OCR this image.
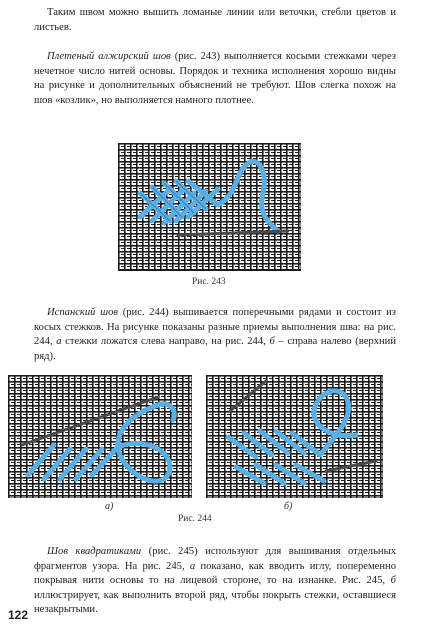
Таким швом можно вышить ломаные линии или веточки, стебли цветов и листьев.

Плетеный алжирский шов (рис. 243) выполняется косыми стежками через нечетное число нитей основы. Порядок и техника исполнения хорошо видны на рисунке и дополнительных объяснений не требуют. Шов слегка похож на шов «козлик», но выполняется намного плотнее.

Рис. 243

Испанский шов (рис. 244) вышивается поперечными рядами и состоит из косых стежков. На рисунке показаны разные приемы выполнения шва: на рис. 244, а стежки ложатся слева направо, на рис. 244, б – справа налево (верхний ряд).

а)	б)
Рис. 244

Шов квадратиками (рис. 245) используют для вышивания отдельных фрагментов узора. На рис. 245, а показано, как вводить иглу, попеременно покрывая нити основы то на лицевой стороне, то на изнанке. Рис. 245, б иллюстрирует, как выполнить второй ряд, чтобы покрыть стежки, оставшиеся незакрытыми.

122
